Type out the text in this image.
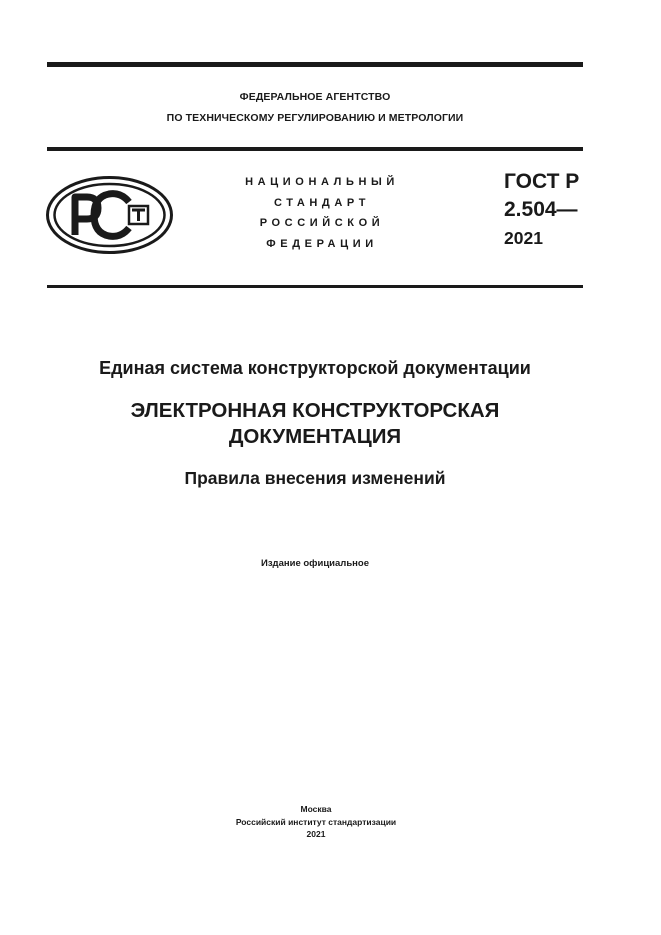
ФЕДЕРАЛЬНОЕ АГЕНТСТВО
ПО ТЕХНИЧЕСКОМУ РЕГУЛИРОВАНИЮ И МЕТРОЛОГИИ
НАЦИОНАЛЬНЫЙ
СТАНДАРТ
РОССИЙСКОЙ
ФЕДЕРАЦИИ
ГОСТ Р
2.504—
2021
Единая система конструкторской документации
ЭЛЕКТРОННАЯ КОНСТРУКТОРСКАЯ
ДОКУМЕНТАЦИЯ
Правила внесения изменений
Издание официальное
Москва
Российский институт стандартизации
2021
